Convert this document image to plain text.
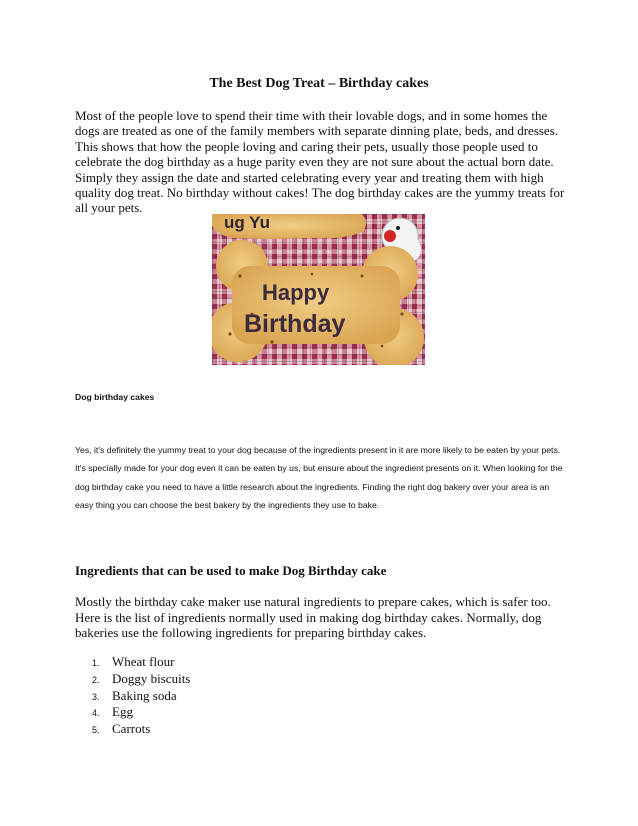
The Best Dog Treat – Birthday cakes

Most of the people love to spend their time with their lovable dogs, and in some homes the dogs are treated as one of the family members with separate dinning plate, beds, and dresses. This shows that how the people loving and caring their pets, usually those people used to celebrate the dog birthday as a huge parity even they are not sure about the actual born date. Simply they assign the date and started celebrating every year and treating them with high quality dog treat. No birthday without cakes! The dog birthday cakes are the yummy treats for all your pets.

ug Yu
Happy
Birthday

Dog birthday cakes

Yes, it's definitely the yummy treat to your dog because of the ingredients present in it are more likely to be eaten by your pets. It's specially made for your dog even it can be eaten by us, but ensure about the ingredient presents on it. When looking for the dog birthday cake you need to have a little research about the ingredients. Finding the right dog bakery over your area is an easy thing you can choose the best bakery by the ingredients they use to bake.

Ingredients that can be used to make Dog Birthday cake

Mostly the birthday cake maker use natural ingredients to prepare cakes, which is safer too. Here is the list of ingredients normally used in making dog birthday cakes. Normally, dog bakeries use the following ingredients for preparing birthday cakes.

1. Wheat flour
2. Doggy biscuits
3. Baking soda
4. Egg
5. Carrots
